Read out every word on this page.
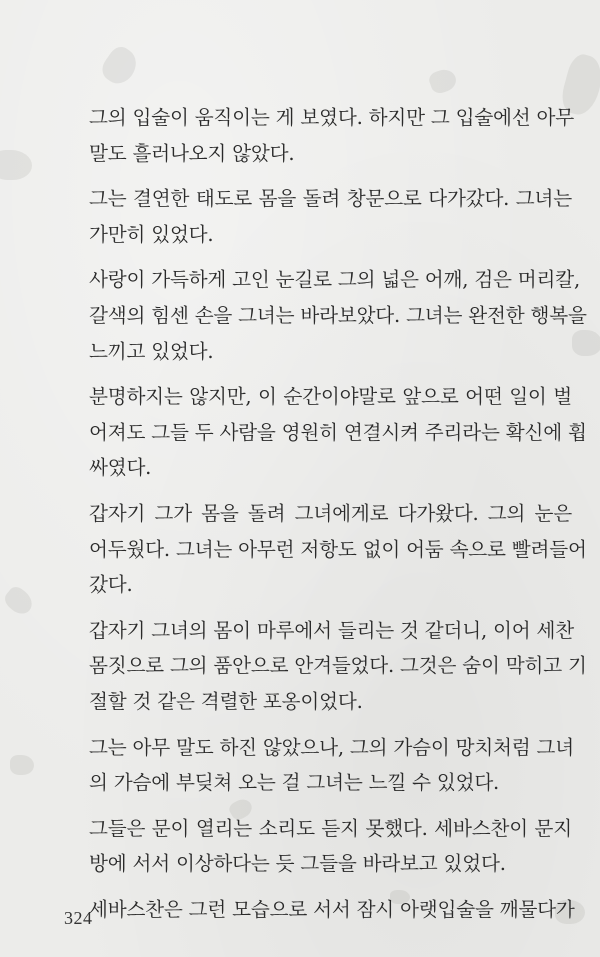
그의 입술이 움직이는 게 보였다. 하지만 그 입술에선 아무
말도 흘러나오지 않았다.

그는 결연한 태도로 몸을 돌려 창문으로 다가갔다. 그녀는
가만히 있었다.

사랑이 가득하게 고인 눈길로 그의 넓은 어깨, 검은 머리칼,
갈색의 힘센 손을 그녀는 바라보았다. 그녀는 완전한 행복을
느끼고 있었다.

분명하지는 않지만, 이 순간이야말로 앞으로 어떤 일이 벌
어져도 그들 두 사람을 영원히 연결시켜 주리라는 확신에 휩
싸였다.

갑자기 그가 몸을 돌려 그녀에게로 다가왔다. 그의 눈은
어두웠다. 그녀는 아무런 저항도 없이 어둠 속으로 빨려들어
갔다.

갑자기 그녀의 몸이 마루에서 들리는 것 같더니, 이어 세찬
몸짓으로 그의 품안으로 안겨들었다. 그것은 숨이 막히고 기
절할 것 같은 격렬한 포옹이었다.

그는 아무 말도 하진 않았으나, 그의 가슴이 망치처럼 그녀
의 가슴에 부딪쳐 오는 걸 그녀는 느낄 수 있었다.

그들은 문이 열리는 소리도 듣지 못했다. 세바스찬이 문지
방에 서서 이상하다는 듯 그들을 바라보고 있었다.

세바스찬은 그런 모습으로 서서 잠시 아랫입술을 깨물다가

324
